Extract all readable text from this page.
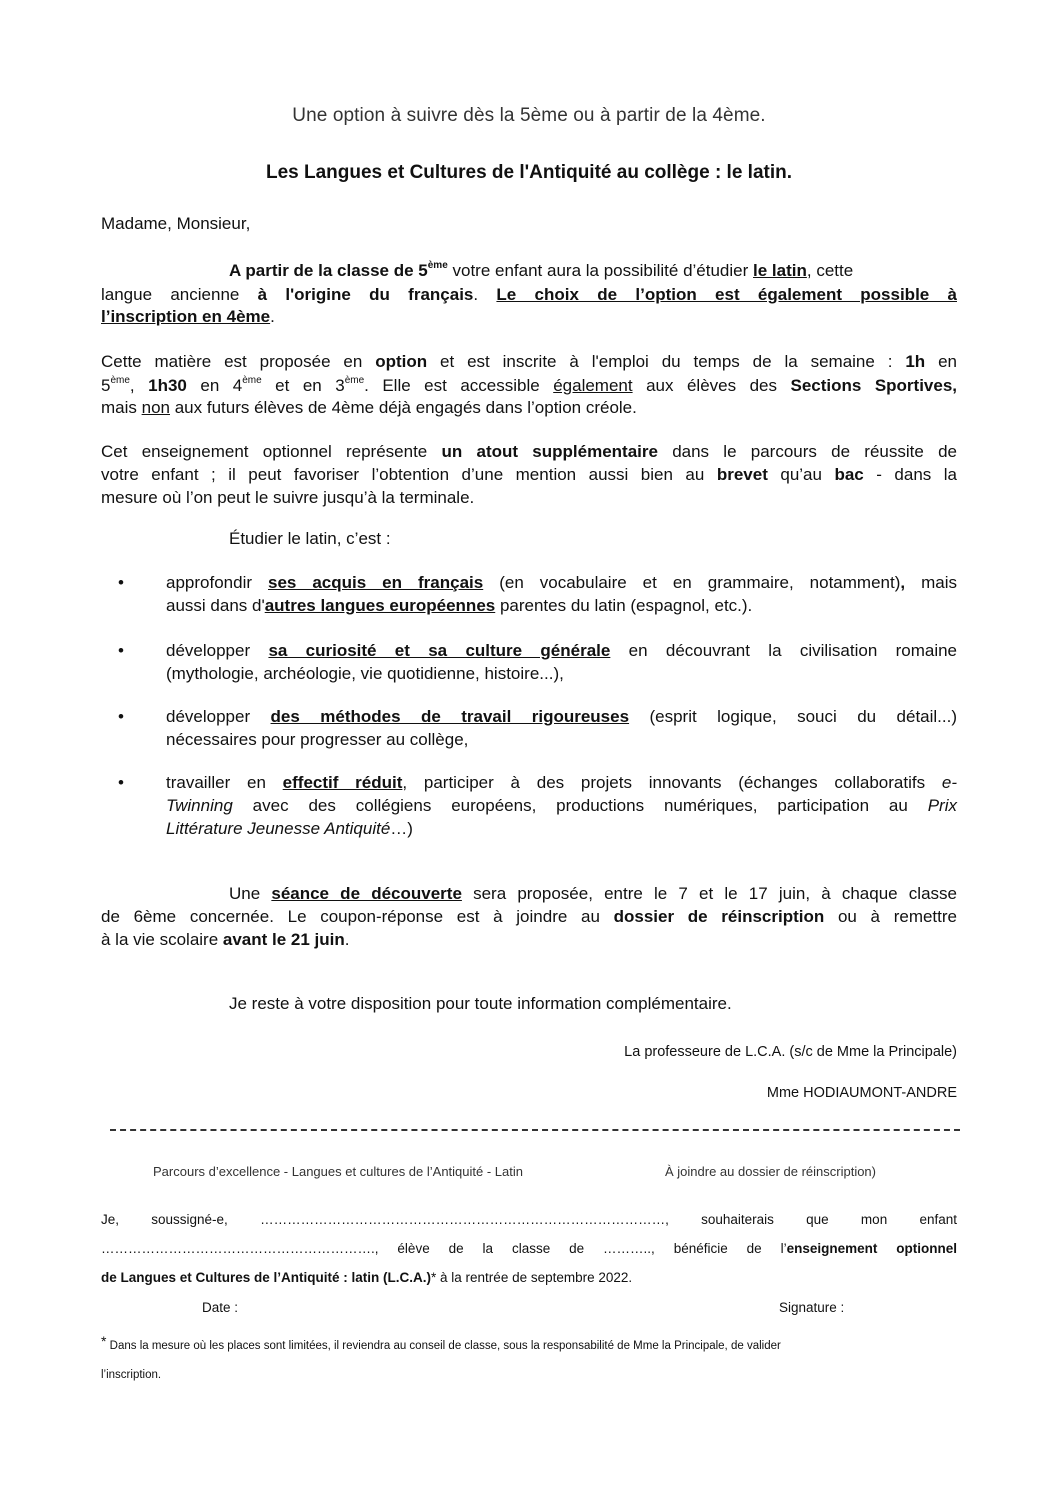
Une option à suivre dès la 5ème ou à partir de la 4ème.
Les Langues et Cultures de l'Antiquité au collège : le latin.
Madame, Monsieur,
A partir de la classe de 5ème votre enfant aura la possibilité d’étudier le latin, cette
langue ancienne à l'origine du français. Le choix de l’option est également possible à
l’inscription en 4ème.
Cette matière est proposée en option et est inscrite à l'emploi du temps de la semaine : 1h en
5ème, 1h30 en 4ème et en 3ème. Elle est accessible également aux élèves des Sections Sportives,
mais non aux futurs élèves de 4ème déjà engagés dans l’option créole.
Cet enseignement optionnel représente un atout supplémentaire dans le parcours de réussite de
votre enfant ; il peut favoriser l’obtention d’une mention aussi bien au brevet qu’au bac - dans la
mesure où l’on peut le suivre jusqu’à la terminale.
Étudier le latin, c’est :
• approfondir ses acquis en français (en vocabulaire et en grammaire, notamment), mais
aussi dans d'autres langues européennes parentes du latin (espagnol, etc.).
• développer sa curiosité et sa culture générale en découvrant la civilisation romaine
(mythologie, archéologie, vie quotidienne, histoire...),
• développer des méthodes de travail rigoureuses (esprit logique, souci du détail...)
nécessaires pour progresser au collège,
• travailler en effectif réduit, participer à des projets innovants (échanges collaboratifs e-
Twinning avec des collégiens européens, productions numériques, participation au Prix
Littérature Jeunesse Antiquité…)
Une séance de découverte sera proposée, entre le 7 et le 17 juin, à chaque classe
de 6ème concernée. Le coupon-réponse est à joindre au dossier de réinscription ou à remettre
à la vie scolaire avant le 21 juin.
Je reste à votre disposition pour toute information complémentaire.
La professeure de L.C.A. (s/c de Mme la Principale)
Mme HODIAUMONT-ANDRE
Parcours d’excellence - Langues et cultures de l’Antiquité - Latin	À joindre au dossier de réinscription)
Je, soussigné-e, ………………………………………………………………………………, souhaiterais que mon enfant
……………………………………………………., élève de la classe de ……….., bénéficie de l’enseignement optionnel
de Langues et Cultures de l’Antiquité : latin (L.C.A.)* à la rentrée de septembre 2022.
Date :	Signature :
* Dans la mesure où les places sont limitées, il reviendra au conseil de classe, sous la responsabilité de Mme la Principale, de valider
l’inscription.
